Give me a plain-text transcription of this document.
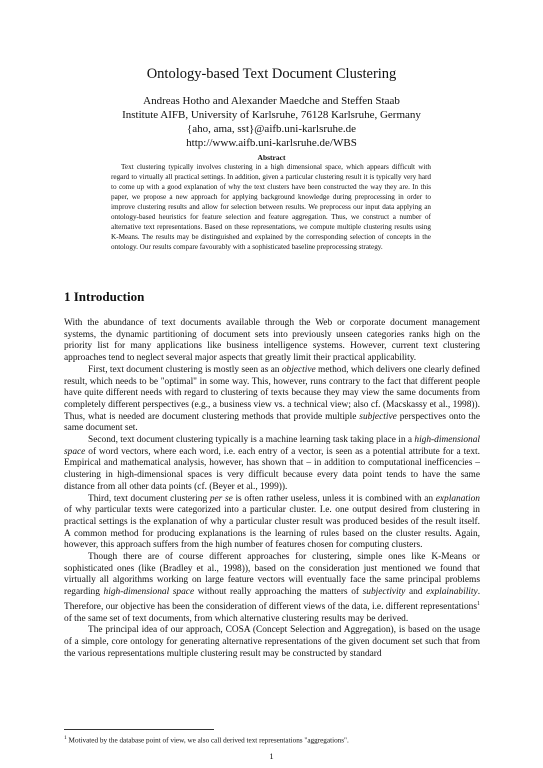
Ontology-based Text Document Clustering
Andreas Hotho and Alexander Maedche and Steffen Staab
Institute AIFB, University of Karlsruhe, 76128 Karlsruhe, Germany
{aho, ama, sst}@aifb.uni-karlsruhe.de
http://www.aifb.uni-karlsruhe.de/WBS
Abstract

Text clustering typically involves clustering in a high dimensional space, which appears difficult with regard to virtually all practical settings. In addition, given a particular clustering result it is typically very hard to come up with a good explanation of why the text clusters have been constructed the way they are. In this paper, we propose a new approach for applying background knowledge during preprocessing in order to improve clustering results and allow for selection between results. We preprocess our input data applying an ontology-based heuristics for feature selection and feature aggregation. Thus, we construct a number of alternative text representations. Based on these representations, we compute multiple clustering results using K-Means. The results may be distinguished and explained by the corresponding selection of concepts in the ontology. Our results compare favourably with a sophisticated baseline preprocessing strategy.

1 Introduction

With the abundance of text documents available through the Web or corporate document management systems, the dynamic partitioning of document sets into previously unseen categories ranks high on the priority list for many applications like business intelligence systems. However, current text clustering approaches tend to neglect several major aspects that greatly limit their practical applicability.

First, text document clustering is mostly seen as an objective method, which delivers one clearly defined result, which needs to be "optimal" in some way. This, however, runs contrary to the fact that different people have quite different needs with regard to clustering of texts because they may view the same documents from completely different perspectives (e.g., a business view vs. a technical view; also cf. (Macskassy et al., 1998)). Thus, what is needed are document clustering methods that provide multiple subjective perspectives onto the same document set.

Second, text document clustering typically is a machine learning task taking place in a high-dimensional space of word vectors, where each word, i.e. each entry of a vector, is seen as a potential attribute for a text. Empirical and mathematical analysis, however, has shown that – in addition to computational inefficencies – clustering in high-dimensional spaces is very difficult because every data point tends to have the same distance from all other data points (cf. (Beyer et al., 1999)).

Third, text document clustering per se is often rather useless, unless it is combined with an explanation of why particular texts were categorized into a particular cluster. I.e. one output desired from clustering in practical settings is the explanation of why a particular cluster result was produced besides of the result itself. A common method for producing explanations is the learning of rules based on the cluster results. Again, however, this approach suffers from the high number of features chosen for computing clusters.

Though there are of course different approaches for clustering, simple ones like K-Means or sophisticated ones (like (Bradley et al., 1998)), based on the consideration just mentioned we found that virtually all algorithms working on large feature vectors will eventually face the same principal problems regarding high-dimensional space without really approaching the matters of subjectivity and explainability. Therefore, our objective has been the consideration of different views of the data, i.e. different representations$^1$ of the same set of text documents, from which alternative clustering results may be derived.

The principal idea of our approach, COSA (Concept Selection and Aggregation), is based on the usage of a simple, core ontology for generating alternative representations of the given document set such that from the various representations multiple clustering result may be constructed by standard

$^1$ Motivated by the database point of view, we also call derived text representations "aggregations".
1
